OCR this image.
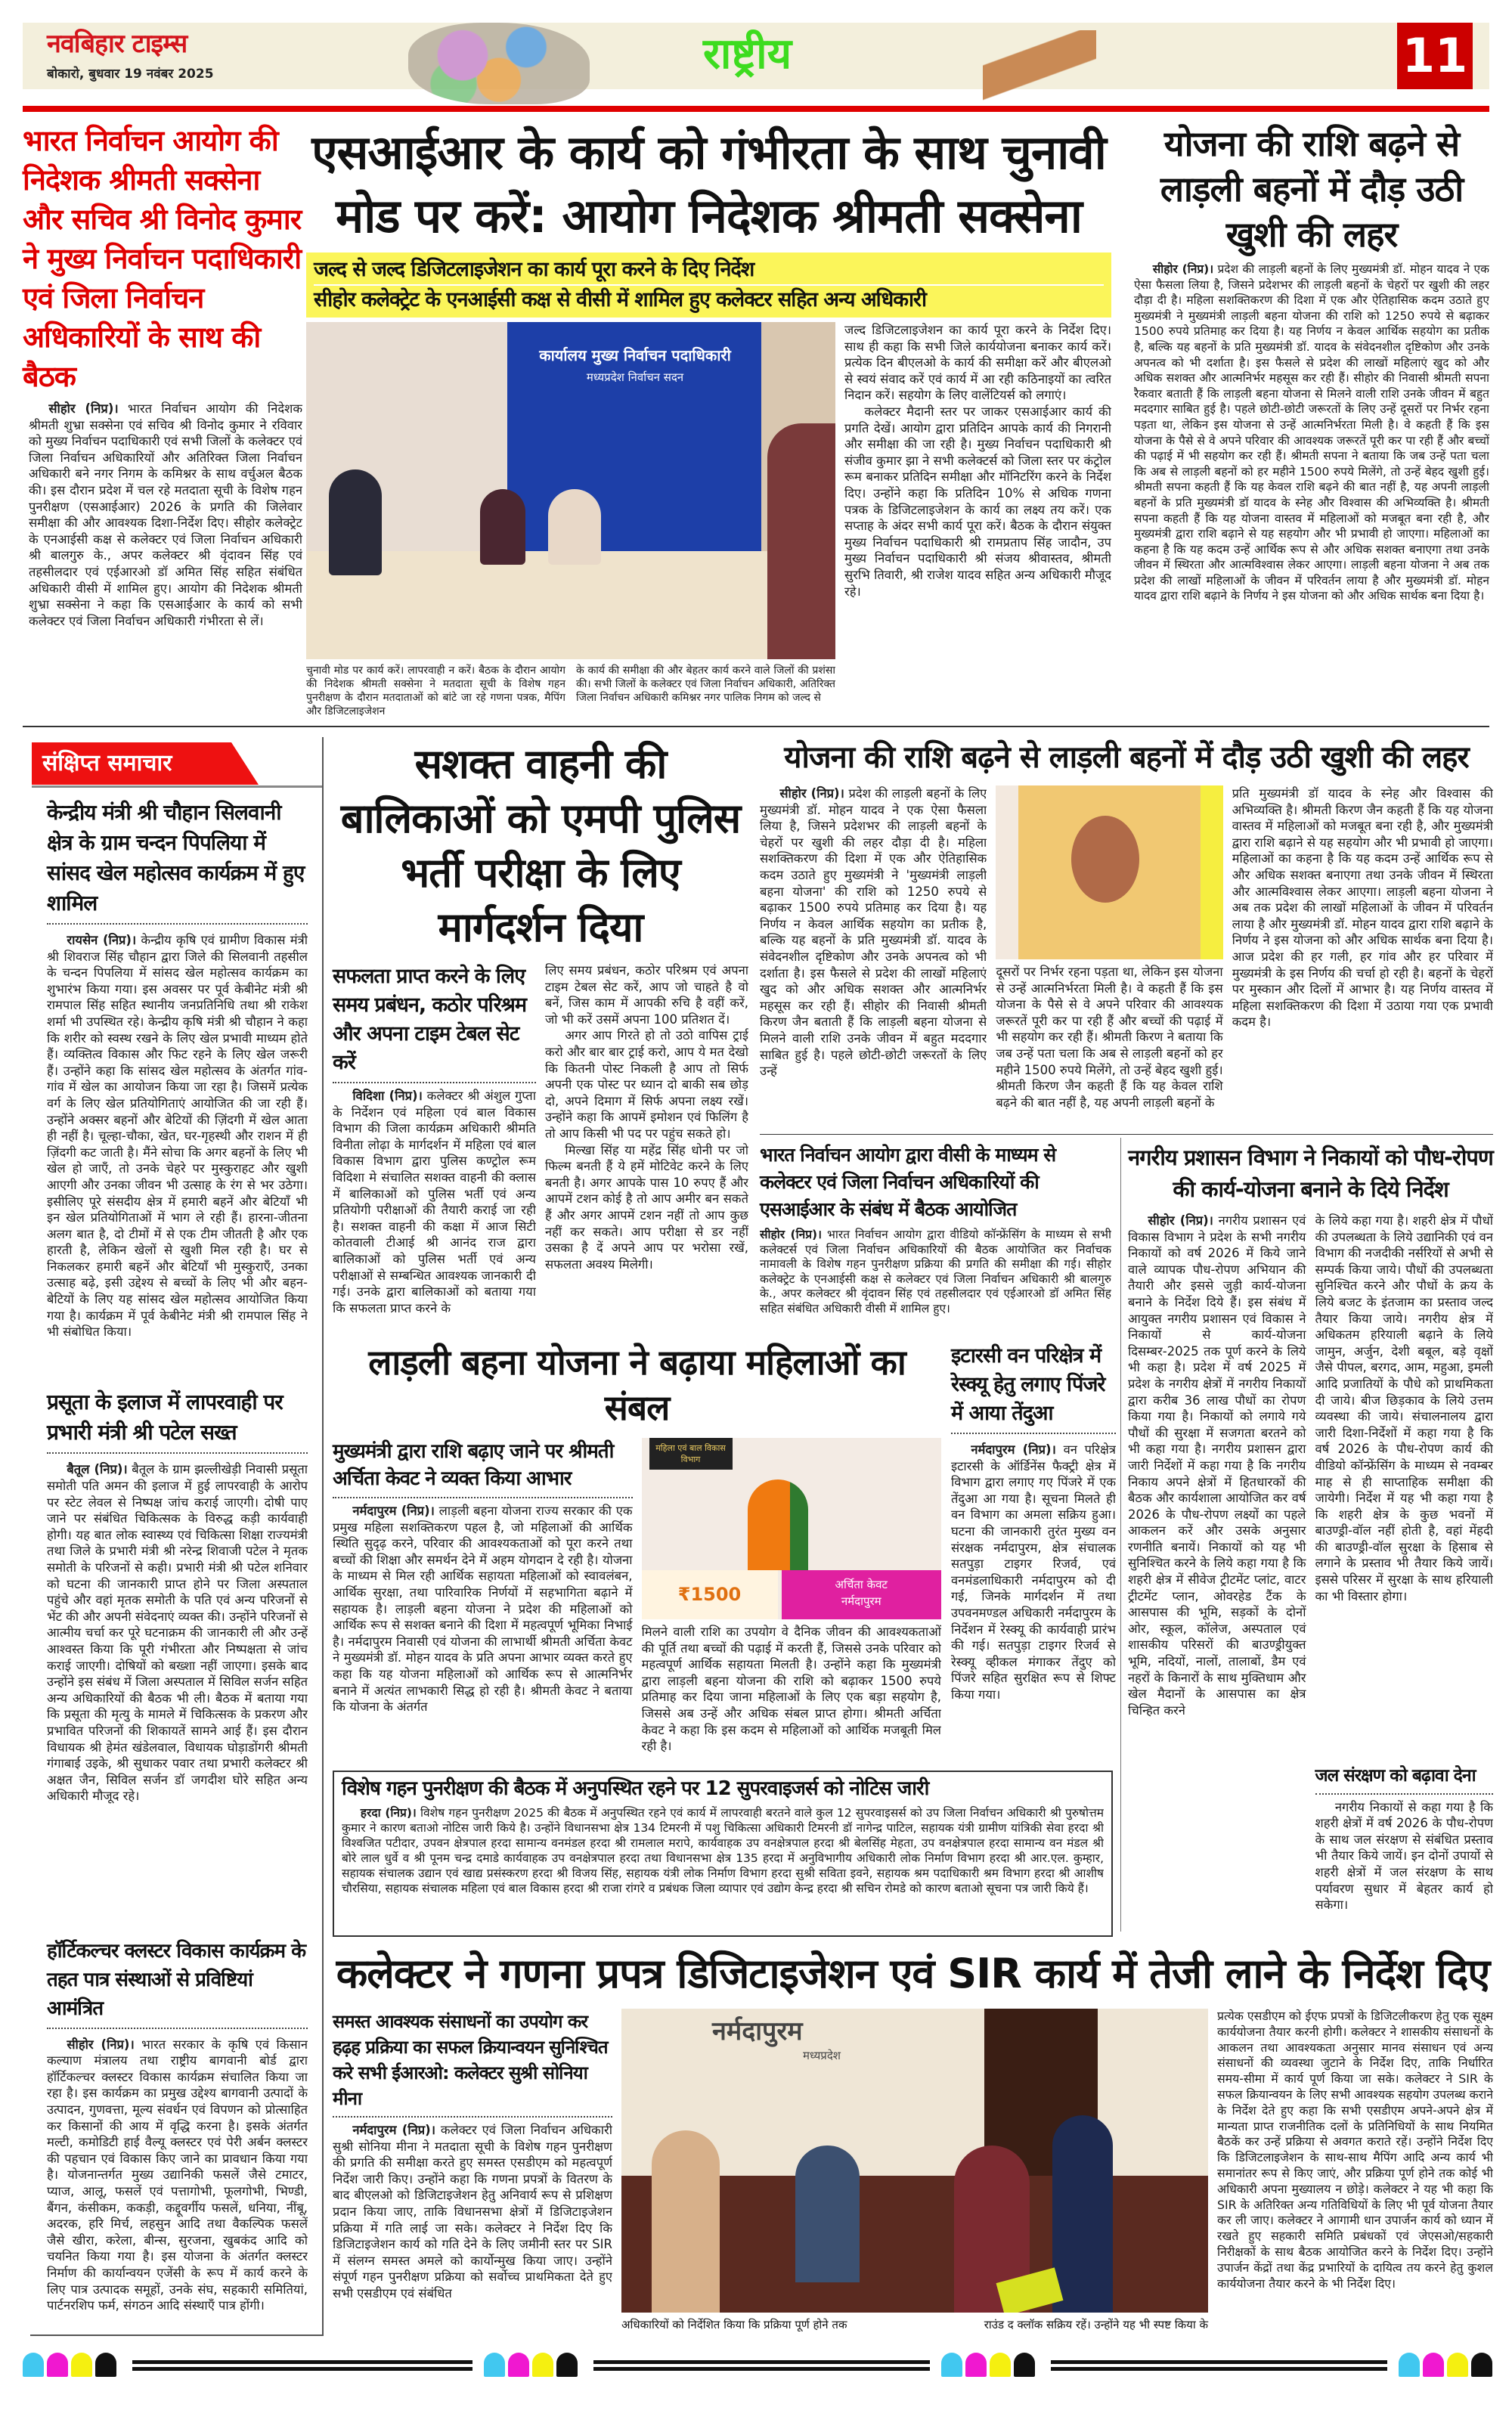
नवबिहार टाइम्स
बोकारो, बुधवार 19 नवंबर 2025	राष्ट्रीय	11
भारत निर्वाचन आयोग की निदेशक श्रीमती सक्सेना और सचिव श्री विनोद कुमार ने मुख्य निर्वाचन पदाधिकारी एवं जिला निर्वाचन अधिकारियों के साथ की बैठक

सीहोर (निप्र)। भारत निर्वाचन आयोग की निदेशक श्रीमती शुभ्रा सक्सेना एवं सचिव श्री विनोद कुमार ने रविवार को मुख्य निर्वाचन पदाधिकारी एवं सभी जिलों के कलेक्टर एवं जिला निर्वाचन अधिकारियों और अतिरिक्त जिला निर्वाचन अधिकारी बने नगर निगम के कमिश्नर के साथ वर्चुअल बैठक की। इस दौरान प्रदेश में चल रहे मतदाता सूची के विशेष गहन पुनरीक्षण (एसआईआर) 2026 के प्रगति की जिलेवार समीक्षा की और आवश्यक दिशा-निर्देश दिए। सीहोर कलेक्ट्रेट के एनआईसी कक्ष से कलेक्टर एवं जिला निर्वाचन अधिकारी श्री बालगुरु के., अपर कलेक्टर श्री वृंदावन सिंह एवं तहसीलदार एवं एईआरओ डॉ अमित सिंह सहित संबंधित अधिकारी वीसी में शामिल हुए। आयोग की निदेशक श्रीमती शुभ्रा सक्सेना ने कहा कि एसआईआर के कार्य को सभी कलेक्टर एवं जिला निर्वाचन अधिकारी गंभीरता से लें।

एसआईआर के कार्य को गंभीरता के साथ चुनावी मोड पर करें: आयोग निदेशक श्रीमती सक्सेना
जल्द से जल्द डिजिटलाइजेशन का कार्य पूरा करने के दिए निर्देश
सीहोर कलेक्ट्रेट के एनआईसी कक्ष से वीसी में शामिल हुए कलेक्टर सहित अन्य अधिकारी
कार्यालय मुख्य निर्वाचन पदाधिकारी
मध्यप्रदेश निर्वाचन सदन
चुनावी मोड पर कार्य करें। लापरवाही न करें। बैठक के दौरान आयोग की निदेशक श्रीमती सक्सेना ने मतदाता सूची के विशेष गहन पुनरीक्षण के दौरान मतदाताओं को बांटे जा रहे गणना पत्रक, मैपिंग और डिजिटलाइजेशन
के कार्य की समीक्षा की और बेहतर कार्य करने वाले जिलों की प्रशंसा की। सभी जिलों के कलेक्टर एवं जिला निर्वाचन अधिकारी, अतिरिक्त जिला निर्वाचन अधिकारी कमिश्नर नगर पालिक निगम को जल्द से

जल्द डिजिटलाइजेशन का कार्य पूरा करने के निर्देश दिए। साथ ही कहा कि सभी जिले कार्ययोजना बनाकर कार्य करें। प्रत्येक दिन बीएलओ के कार्य की समीक्षा करें और बीएलओ से स्वयं संवाद करें एवं कार्य में आ रही कठिनाइयों का त्वरित निदान करें। सहयोग के लिए वालेंटियर्स को लगाएं।

कलेक्टर मैदानी स्तर पर जाकर एसआईआर कार्य की प्रगति देखें। आयोग द्वारा प्रतिदिन आपके कार्य की निगरानी और समीक्षा की जा रही है। मुख्य निर्वाचन पदाधिकारी श्री संजीव कुमार झा ने सभी कलेक्टर्स को जिला स्तर पर कंट्रोल रूम बनाकर प्रतिदिन समीक्षा और मॉनिटरिंग करने के निर्देश दिए। उन्होंने कहा कि प्रतिदिन 10% से अधिक गणना पत्रक के डिजिटलाइजेशन के कार्य का लक्ष्य तय करें। एक सप्ताह के अंदर सभी कार्य पूरा करें। बैठक के दौरान संयुक्त मुख्य निर्वाचन पदाधिकारी श्री रामप्रताप सिंह जादौन, उप मुख्य निर्वाचन पदाधिकारी श्री संजय श्रीवास्तव, श्रीमती सुरभि तिवारी, श्री राजेश यादव सहित अन्य अधिकारी मौजूद रहे।

योजना की राशि बढ़ने से लाड़ली बहनों में दौड़ उठी खुशी की लहर

सीहोर (निप्र)। प्रदेश की लाड़ली बहनों के लिए मुख्यमंत्री डॉ. मोहन यादव ने एक ऐसा फैसला लिया है, जिसने प्रदेशभर की लाड़ली बहनों के चेहरों पर खुशी की लहर दौड़ा दी है। महिला सशक्तिकरण की दिशा में एक और ऐतिहासिक कदम उठाते हुए मुख्यमंत्री ने मुख्यमंत्री लाड़ली बहना योजना की राशि को 1250 रुपये से बढ़ाकर 1500 रुपये प्रतिमाह कर दिया है। यह निर्णय न केवल आर्थिक सहयोग का प्रतीक है, बल्कि यह बहनों के प्रति मुख्यमंत्री डॉ. यादव के संवेदनशील दृष्टिकोण और उनके अपनत्व को भी दर्शाता है। इस फैसले से प्रदेश की लाखों महिलाएं खुद को और अधिक सशक्त और आत्मनिर्भर महसूस कर रही हैं। सीहोर की निवासी श्रीमती सपना रैकवार बताती हैं कि लाड़ली बहना योजना से मिलने वाली राशि उनके जीवन में बहुत मददगार साबित हुई है। पहले छोटी-छोटी जरूरतों के लिए उन्हें दूसरों पर निर्भर रहना पड़ता था, लेकिन इस योजना से उन्हें आत्मनिर्भरता मिली है। वे कहती हैं कि इस योजना के पैसे से वे अपने परिवार की आवश्यक जरूरतें पूरी कर पा रही हैं और बच्चों की पढ़ाई में भी सहयोग कर रही हैं। श्रीमती सपना ने बताया कि जब उन्हें पता चला कि अब से लाड़ली बहनों को हर महीने 1500 रुपये मिलेंगे, तो उन्हें बेहद खुशी हुई। श्रीमती सपना कहती हैं कि यह केवल राशि बढ़ने की बात नहीं है, यह अपनी लाड़ली बहनों के प्रति मुख्यमंत्री डॉ यादव के स्नेह और विश्वास की अभिव्यक्ति है। श्रीमती सपना कहती हैं कि यह योजना वास्तव में महिलाओं को मजबूत बना रही है, और मुख्यमंत्री द्वारा राशि बढ़ाने से यह सहयोग और भी प्रभावी हो जाएगा। महिलाओं का कहना है कि यह कदम उन्हें आर्थिक रूप से और अधिक सशक्त बनाएगा तथा उनके जीवन में स्थिरता और आत्मविश्वास लेकर आएगा। लाड़ली बहना योजना ने अब तक प्रदेश की लाखों महिलाओं के जीवन में परिवर्तन लाया है और मुख्यमंत्री डॉ. मोहन यादव द्वारा राशि बढ़ाने के निर्णय ने इस योजना को और अधिक सार्थक बना दिया है।

संक्षिप्त समाचार
केन्द्रीय मंत्री श्री चौहान सिलवानी क्षेत्र के ग्राम चन्दन पिपलिया में सांसद खेल महोत्सव कार्यक्रम में हुए शामिल

रायसेन (निप्र)। केन्द्रीय कृषि एवं ग्रामीण विकास मंत्री श्री शिवराज सिंह चौहान द्वारा जिले की सिलवानी तहसील के चन्दन पिपलिया में सांसद खेल महोत्सव कार्यक्रम का शुभारंभ किया गया। इस अवसर पर पूर्व केबीनेट मंत्री श्री रामपाल सिंह सहित स्थानीय जनप्रतिनिधि तथा श्री राकेश शर्मा भी उपस्थित रहे। केन्द्रीय कृषि मंत्री श्री चौहान ने कहा कि शरीर को स्वस्थ रखने के लिए खेल प्रभावी माध्यम होते हैं। व्यक्तित्व विकास और फिट रहने के लिए खेल जरूरी हैं। उन्होंने कहा कि सांसद खेल महोत्सव के अंतर्गत गांव-गांव में खेल का आयोजन किया जा रहा है। जिसमें प्रत्येक वर्ग के लिए खेल प्रतियोगिताएं आयोजित की जा रही हैं। उन्होंने अक्सर बहनों और बेटियों की ज़िंदगी में खेल आता ही नहीं है। चूल्हा-चौका, खेत, घर-गृहस्थी और राशन में ही ज़िंदगी कट जाती है। मैंने सोचा कि अगर बहनों के लिए भी खेल हो जाएँ, तो उनके चेहरे पर मुस्कुराहट और खुशी आएगी और उनका जीवन भी उत्साह के रंग से भर उठेगा। इसीलिए पूरे संसदीय क्षेत्र में हमारी बहनें और बेटियाँ भी इन खेल प्रतियोगिताओं में भाग ले रही हैं। हारना-जीतना अलग बात है, दो टीमों में से एक टीम जीतती है और एक हारती है, लेकिन खेलों से खुशी मिल रही है। घर से निकलकर हमारी बहनें और बेटियाँ भी मुस्कुराएँ, उनका उत्साह बढ़े, इसी उद्देश्य से बच्चों के लिए भी और बहन-बेटियों के लिए यह सांसद खेल महोत्सव आयोजित किया गया है। कार्यक्रम में पूर्व केबीनेट मंत्री श्री रामपाल सिंह ने भी संबोधित किया।

प्रसूता के इलाज में लापरवाही पर प्रभारी मंत्री श्री पटेल सख्त

बैतूल (निप्र)। बैतूल के ग्राम झल्लीखेड़ी निवासी प्रसूता समोती पति अमन की इलाज में हुई लापरवाही के आरोप पर स्टेट लेवल से निष्पक्ष जांच कराई जाएगी। दोषी पाए जाने पर संबंधित चिकित्सक के विरुद्ध कड़ी कार्यवाही होगी। यह बात लोक स्वास्थ्य एवं चिकित्सा शिक्षा राज्यमंत्री तथा जिले के प्रभारी मंत्री श्री नरेन्द्र शिवाजी पटेल ने मृतक समोती के परिजनों से कही। प्रभारी मंत्री श्री पटेल शनिवार को घटना की जानकारी प्राप्त होने पर जिला अस्पताल पहुंचे और वहां मृतक समोती के पति एवं अन्य परिजनों से भेंट की और अपनी संवेदनाएं व्यक्त की। उन्होंने परिजनों से आत्मीय चर्चा कर पूरे घटनाक्रम की जानकारी ली और उन्हें आश्वस्त किया कि पूरी गंभीरता और निष्पक्षता से जांच कराई जाएगी। दोषियों को बख्शा नहीं जाएगा। इसके बाद उन्होंने इस संबंध में जिला अस्पताल में सिविल सर्जन सहित अन्य अधिकारियों की बैठक भी ली। बैठक में बताया गया कि प्रसूता की मृत्यु के मामले में चिकित्सक के प्रकरण और प्रभावित परिजनों की शिकायतें सामने आई हैं। इस दौरान विधायक श्री हेमंत खंडेलवाल, विधायक घोड़ाडोंगरी श्रीमती गंगाबाई उइके, श्री सुधाकर पवार तथा प्रभारी कलेक्टर श्री अक्षत जैन, सिविल सर्जन डॉ जगदीश घोरे सहित अन्य अधिकारी मौजूद रहे।

हॉर्टिकल्चर क्लस्टर विकास कार्यक्रम के तहत पात्र संस्थाओं से प्रविष्टियां आमंत्रित

सीहोर (निप्र)। भारत सरकार के कृषि एवं किसान कल्याण मंत्रालय तथा राष्ट्रीय बागवानी बोर्ड द्वारा हॉर्टिकल्चर क्लस्टर विकास कार्यक्रम संचालित किया जा रहा है। इस कार्यक्रम का प्रमुख उद्देश्य बागवानी उत्पादों के उत्पादन, गुणवत्ता, मूल्य संवर्धन एवं विपणन को प्रोत्साहित कर किसानों की आय में वृद्धि करना है। इसके अंतर्गत मल्टी, कमोडिटी हाई वैल्यू क्लस्टर एवं पेरी अर्बन क्लस्टर की पहचान एवं विकास किए जाने का प्रावधान किया गया है। योजनान्तर्गत मुख्य उद्यानिकी फसलें जैसे टमाटर, प्याज, आलू, फसलें एवं पत्तागोभी, फूलगोभी, भिण्डी, बैंगन, कंसीकम, ककड़ी, कद्दूवर्गीय फसलें, धनिया, नींबू, अदरक, हरि मिर्च, लहसुन आदि तथा वैकल्पिक फसलें जैसे खीरा, करेला, बीन्स, सुरजना, खुबकंद आदि को चयनित किया गया है। इस योजना के अंतर्गत क्लस्टर निर्माण की कार्यान्वयन एजेंसी के रूप में कार्य करने के लिए पात्र उत्पादक समूहों, उनके संघ, सहकारी समितियां, पार्टनरशिप फर्म, संगठन आदि संस्थाएँ पात्र होंगी।

सशक्त वाहनी की बालिकाओं को एमपी पुलिस भर्ती परीक्षा के लिए मार्गदर्शन दिया
सफलता प्राप्त करने के लिए समय प्रबंधन, कठोर परिश्रम और अपना टाइम टेबल सेट करें

विदिशा (निप्र)। कलेक्टर श्री अंशुल गुप्ता के निर्देशन एवं महिला एवं बाल विकास विभाग की जिला कार्यक्रम अधिकारी श्रीमति विनीता लोढ़ा के मार्गदर्शन में महिला एवं बाल विकास विभाग द्वारा पुलिस कण्ट्रोल रूम विदिशा मे संचालित सशक्त वाहनी की क्लास में बालिकाओं को पुलिस भर्ती एवं अन्य प्रतियोगी परीक्षाओं की तैयारी कराई जा रही है। सशक्त वाहनी की कक्षा में आज सिटी कोतवाली टीआई श्री आनंद राज द्वारा बालिकाओं को पुलिस भर्ती एवं अन्य परीक्षाओं से सम्बन्धित आवश्यक जानकारी दी गई। उनके द्वारा बालिकाओं को बताया गया कि सफलता प्राप्त करने के

लिए समय प्रबंधन, कठोर परिश्रम एवं अपना टाइम टेबल सेट करें, आप जो चाहते है वो बनें, जिस काम में आपकी रुचि है वहीं करें, जो भी करें उसमें अपना 100 प्रतिशत दें।

अगर आप गिरते हो तो उठो वापिस ट्राई करो और बार बार ट्राई करो, आप ये मत देखो कि कितनी पोस्ट निकली है आप तो सिर्फ अपनी एक पोस्ट पर ध्यान दो बाकी सब छोड़ दो, अपने दिमाग में सिर्फ अपना लक्ष्य रखें। उन्होंने कहा कि आपमें इमोशन एवं फिलिंग है तो आप किसी भी पद पर पहुंच सकते हो।

मिल्खा सिंह या महेंद्र सिंह धोनी पर जो फिल्म बनती हैं ये हमें मोटिवेट करने के लिए बनती है। अगर आपके पास 10 रुपए हैं और आपमें टशन कोई है तो आप अमीर बन सकते हैं और अगर आपमें टशन नहीं तो आप कुछ नहीं कर सकते। आप परीक्षा से डर नहीं उसका है दें अपने आप पर भरोसा रखें, सफलता अवश्य मिलेगी।

योजना की राशि बढ़ने से लाड़ली बहनों में दौड़ उठी खुशी की लहर

सीहोर (निप्र)। प्रदेश की लाड़ली बहनों के लिए मुख्यमंत्री डॉ. मोहन यादव ने एक ऐसा फैसला लिया है, जिसने प्रदेशभर की लाड़ली बहनों के चेहरों पर खुशी की लहर दौड़ा दी है। महिला सशक्तिकरण की दिशा में एक और ऐतिहासिक कदम उठाते हुए मुख्यमंत्री ने 'मुख्यमंत्री लाड़ली बहना योजना' की राशि को 1250 रुपये से बढ़ाकर 1500 रुपये प्रतिमाह कर दिया है। यह निर्णय न केवल आर्थिक सहयोग का प्रतीक है, बल्कि यह बहनों के प्रति मुख्यमंत्री डॉ. यादव के संवेदनशील दृष्टिकोण और उनके अपनत्व को भी दर्शाता है। इस फैसले से प्रदेश की लाखों महिलाएं खुद को और अधिक सशक्त और आत्मनिर्भर महसूस कर रही हैं। सीहोर की निवासी श्रीमती किरण जैन बताती हैं कि लाड़ली बहना योजना से मिलने वाली राशि उनके जीवन में बहुत मददगार साबित हुई है। पहले छोटी-छोटी जरूरतों के लिए उन्हें

दूसरों पर निर्भर रहना पड़ता था, लेकिन इस योजना से उन्हें आत्मनिर्भरता मिली है। वे कहती हैं कि इस योजना के पैसे से वे अपने परिवार की आवश्यक जरूरतें पूरी कर पा रही हैं और बच्चों की पढ़ाई में भी सहयोग कर रही हैं। श्रीमती किरण ने बताया कि जब उन्हें पता चला कि अब से लाड़ली बहनों को हर महीने 1500 रुपये मिलेंगे, तो उन्हें बेहद खुशी हुई। श्रीमती किरण जैन कहती हैं कि यह केवल राशि बढ़ने की बात नहीं है, यह अपनी लाड़ली बहनों के
प्रति मुख्यमंत्री डॉ यादव के स्नेह और विश्वास की अभिव्यक्ति है। श्रीमती किरण जैन कहती हैं कि यह योजना वास्तव में महिलाओं को मजबूत बना रही है, और मुख्यमंत्री द्वारा राशि बढ़ाने से यह सहयोग और भी प्रभावी हो जाएगा। महिलाओं का कहना है कि यह कदम उन्हें आर्थिक रूप से और अधिक सशक्त बनाएगा तथा उनके जीवन में स्थिरता और आत्मविश्वास लेकर आएगा। लाड़ली बहना योजना ने अब तक प्रदेश की लाखों महिलाओं के जीवन में परिवर्तन लाया है और मुख्यमंत्री डॉ. मोहन यादव द्वारा राशि बढ़ाने के निर्णय ने इस योजना को और अधिक सार्थक बना दिया है। आज प्रदेश की हर गली, हर गांव और हर परिवार में मुख्यमंत्री के इस निर्णय की चर्चा हो रही है। बहनों के चेहरों पर मुस्कान और दिलों में आभार है। यह निर्णय वास्तव में महिला सशक्तिकरण की दिशा में उठाया गया एक प्रभावी कदम है।
भारत निर्वाचन आयोग द्वारा वीसी के माध्यम से कलेक्टर एवं जिला निर्वाचन अधिकारियों की एसआईआर के संबंध में बैठक आयोजित

सीहोर (निप्र)। भारत निर्वाचन आयोग द्वारा वीडियो कॉन्फ्रेंसिंग के माध्यम से सभी कलेक्टर्स एवं जिला निर्वाचन अधिकारियों की बैठक आयोजित कर निर्वाचक नामावली के विशेष गहन पुनरीक्षण प्रक्रिया की प्रगति की समीक्षा की गई। सीहोर कलेक्ट्रेट के एनआईसी कक्ष से कलेक्टर एवं जिला निर्वाचन अधिकारी श्री बालगुरु के., अपर कलेक्टर श्री वृंदावन सिंह एवं तहसीलदार एवं एईआरओ डॉ अमित सिंह सहित संबंधित अधिकारी वीसी में शामिल हुए।

नगरीय प्रशासन विभाग ने निकायों को पौध-रोपण की कार्य-योजना बनाने के दिये निर्देश

सीहोर (निप्र)। नगरीय प्रशासन एवं विकास विभाग ने प्रदेश के सभी नगरीय निकायों को वर्ष 2026 में किये जाने वाले व्यापक पौध-रोपण अभियान की तैयारी और इससे जुड़ी कार्य-योजना बनाने के निर्देश दिये हैं। इस संबंध में आयुक्त नगरीय प्रशासन एवं विकास ने निकायों से कार्य-योजना दिसम्बर-2025 तक पूर्ण करने के लिये भी कहा है। प्रदेश में वर्ष 2025 में प्रदेश के नगरीय क्षेत्रों में नगरीय निकायों द्वारा करीब 36 लाख पौधों का रोपण किया गया है। निकायों को लगाये गये पौधों की सुरक्षा में सजगता बरतने को भी कहा गया है। नगरीय प्रशासन द्वारा जारी निर्देशों में कहा गया है कि नगरीय निकाय अपने क्षेत्रों में हितधारकों की बैठक और कार्यशाला आयोजित कर वर्ष 2026 के पौध-रोपण लक्ष्यों का पहले आकलन करें और उसके अनुसार रणनीति बनायें। निकायों को यह भी सुनिश्चित करने के लिये कहा गया है कि शहरी क्षेत्र में सीवेज ट्रीटमेंट प्लांट, वाटर ट्रीटमेंट प्लान, ओवरहेड टैंक के आसपास की भूमि, सड़कों के दोनों ओर, स्कूल, कॉलेज, अस्पताल एवं शासकीय परिसरों की बाउण्ड्रीयुक्त भूमि, नदियों, नालों, तालाबों, डैम एवं नहरों के किनारों के साथ मुक्तिधाम और खेल मैदानों के आसपास का क्षेत्र चिन्हित करने

के लिये कहा गया है। शहरी क्षेत्र में पौधों की उपलब्धता के लिये उद्यानिकी एवं वन विभाग की नजदीकी नर्सरियों से अभी से सम्पर्क किया जाये। पौधों की उपलब्धता सुनिश्चित करने और पौधों के क्रय के लिये बजट के इंतजाम का प्रस्ताव जल्द तैयार किया जाये। नगरीय क्षेत्र में अधिकतम हरियाली बढ़ाने के लिये जामुन, अर्जुन, देशी बबूल, बड़े वृक्षों जैसे पीपल, बरगद, आम, महुआ, इमली आदि प्रजातियों के पौधे को प्राथमिकता दी जाये। बीज छिड़काव के लिये उत्तम व्यवस्था की जाये। संचालनालय द्वारा जारी दिशा-निर्देशों में कहा गया है कि वर्ष 2026 के पौध-रोपण कार्य की वीडियो कॉन्फ्रेंसिंग के माध्यम से नवम्बर माह से ही साप्ताहिक समीक्षा की जायेगी। निर्देश में यह भी कहा गया है कि शहरी क्षेत्र के कुछ भवनों में बाउण्ड्री-वॉल नहीं होती है, वहां मेंहदी की बाउण्ड्री-वॉल सुरक्षा के हिसाब से लगाने के प्रस्ताव भी तैयार किये जायें। इससे परिसर में सुरक्षा के साथ हरियाली का भी विस्तार होगा।
जल संरक्षण को बढ़ावा देना

नगरीय निकायों से कहा गया है कि शहरी क्षेत्रों में वर्ष 2026 के पौध-रोपण के साथ जल संरक्षण से संबंधित प्रस्ताव भी तैयार किये जायें। इन दोनों उपायों से शहरी क्षेत्रों में जल संरक्षण के साथ पर्यावरण सुधार में बेहतर कार्य हो सकेगा।

लाड़ली बहना योजना ने बढ़ाया महिलाओं का संबल
मुख्यमंत्री द्वारा राशि बढ़ाए जाने पर श्रीमती अर्चिता केवट ने व्यक्त किया आभार

नर्मदापुरम (निप्र)। लाड़ली बहना योजना राज्य सरकार की एक प्रमुख महिला सशक्तिकरण पहल है, जो महिलाओं की आर्थिक स्थिति सुदृढ़ करने, परिवार की आवश्यकताओं को पूरा करने तथा बच्चों की शिक्षा और समर्थन देने में अहम योगदान दे रही है। योजना के माध्यम से मिल रही आर्थिक सहायता महिलाओं को स्वावलंबन, आर्थिक सुरक्षा, तथा पारिवारिक निर्णयों में सहभागिता बढ़ाने में सहायक है। लाड़ली बहना योजना ने प्रदेश की महिलाओं को आर्थिक रूप से सशक्त बनाने की दिशा में महत्वपूर्ण भूमिका निभाई है। नर्मदापुरम निवासी एवं योजना की लाभार्थी श्रीमती अर्चिता केवट ने मुख्यमंत्री डॉ. मोहन यादव के प्रति अपना आभार व्यक्त करते हुए कहा कि यह योजना महिलाओं को आर्थिक रूप से आत्मनिर्भर बनाने में अत्यंत लाभकारी सिद्ध हो रही है। श्रीमती केवट ने बताया कि योजना के अंतर्गत

महिला एवं बाल विकास विभाग
₹1500	अर्चिता केवट
नर्मदापुरम
मिलने वाली राशि का उपयोग वे दैनिक जीवन की आवश्यकताओं की पूर्ति तथा बच्चों की पढ़ाई में करती हैं, जिससे उनके परिवार को महत्वपूर्ण आर्थिक सहायता मिलती है। उन्होंने कहा कि मुख्यमंत्री द्वारा लाड़ली बहना योजना की राशि को बढ़ाकर 1500 रुपये प्रतिमाह कर दिया जाना महिलाओं के लिए एक बड़ा सहयोग है, जिससे अब उन्हें और अधिक संबल प्राप्त होगा। श्रीमती अर्चिता केवट ने कहा कि इस कदम से महिलाओं को आर्थिक मजबूती मिल रही है।
इटारसी वन परिक्षेत्र में रेस्क्यू हेतु लगाए पिंजरे में आया तेंदुआ

नर्मदापुरम (निप्र)। वन परिक्षेत्र इटारसी के ऑर्डिनेंस फैक्ट्री क्षेत्र में विभाग द्वारा लगाए गए पिंजरे में एक तेंदुआ आ गया है। सूचना मिलते ही वन विभाग का अमला सक्रिय हुआ। घटना की जानकारी तुरंत मुख्य वन संरक्षक नर्मदापुरम, क्षेत्र संचालक सतपुड़ा टाइगर रिजर्व, एवं वनमंडलाधिकारी नर्मदापुरम को दी गई, जिनके मार्गदर्शन में तथा उपवनमण्डल अधिकारी नर्मदापुरम के निर्देशन में रेस्क्यू की कार्यवाही प्रारंभ की गई। सतपुड़ा टाइगर रिजर्व से रेस्क्यू व्हीकल मंगाकर तेंदुए को पिंजरे सहित सुरक्षित रूप से शिफ्ट किया गया।

विशेष गहन पुनरीक्षण की बैठक में अनुपस्थित रहने पर 12 सुपरवाइजर्स को नोटिस जारी

हरदा (निप्र)। विशेष गहन पुनरीक्षण 2025 की बैठक में अनुपस्थित रहने एवं कार्य में लापरवाही बरतने वाले कुल 12 सुपरवाइसर्स को उप जिला निर्वाचन अधिकारी श्री पुरुषोत्तम कुमार ने कारण बताओ नोटिस जारी किये है। उन्होंने विधानसभा क्षेत्र 134 टिमरनी में पशु चिकित्सा अधिकारी टिमरनी डॉ नागेन्द्र पाटिल, सहायक यंत्री ग्रामीण यांत्रिकी सेवा हरदा श्री विश्वजित पटीदार, उपवन क्षेत्रपाल हरदा सामान्य वनमंडल हरदा श्री रामलाल मरापे, कार्यवाहक उप वनक्षेत्रपाल हरदा श्री बेलसिंह मेहता, उप वनक्षेत्रपाल हरदा सामान्य वन मंडल श्री बोरे लाल धुर्वे व श्री पूनम चन्द्र दमाडे कार्यवाहक उप वनक्षेत्रपाल हरदा तथा विधानसभा क्षेत्र 135 हरदा में अनुविभागीय अधिकारी लोक निर्माण विभाग हरदा श्री आर.एल. कुम्हार, सहायक संचालक उद्यान एवं खाद्य प्रसंस्करण हरदा श्री विजय सिंह, सहायक यंत्री लोक निर्माण विभाग हरदा सुश्री सविता इवने, सहायक श्रम पदाधिकारी श्रम विभाग हरदा श्री आशीष चौरसिया, सहायक संचालक महिला एवं बाल विकास हरदा श्री राजा रांगरे व प्रबंधक जिला व्यापार एवं उद्योग केन्द्र हरदा श्री सचिन रोमडे को कारण बताओ सूचना पत्र जारी किये हैं।

कलेक्टर ने गणना प्रपत्र डिजिटाइजेशन एवं SIR कार्य में तेजी लाने के निर्देश दिए
समस्त आवश्यक संसाधनों का उपयोग कर हढ़ह प्रक्रिया का सफल क्रियान्वयन सुनिश्चित करे सभी ईआरओ: कलेक्टर सुश्री सोनिया मीना

नर्मदापुरम (निप्र)। कलेक्टर एवं जिला निर्वाचन अधिकारी सुश्री सोनिया मीना ने मतदाता सूची के विशेष गहन पुनरीक्षण की प्रगति की समीक्षा करते हुए समस्त एसडीएम को महत्वपूर्ण निर्देश जारी किए। उन्होंने कहा कि गणना प्रपत्रों के वितरण के बाद बीएलओ को डिजिटाइजेशन हेतु अनिवार्य रूप से प्रशिक्षण प्रदान किया जाए, ताकि विधानसभा क्षेत्रों में डिजिटाइजेशन प्रक्रिया में गति लाई जा सके। कलेक्टर ने निर्देश दिए कि डिजिटाइजेशन कार्य को गति देने के लिए जमीनी स्तर पर SIR में संलग्न समस्त अमले को कार्योन्मुख किया जाए। उन्होंने संपूर्ण गहन पुनरीक्षण प्रक्रिया को सर्वोच्च प्राथमिकता देते हुए सभी एसडीएम एवं संबंधित

नर्मदापुरम
मध्यप्रदेश
अधिकारियों को निर्देशित किया कि प्रक्रिया पूर्ण होने तक	राउंड द क्लॉक सक्रिय रहें। उन्होंने यह भी स्पष्ट किया के
प्रत्येक एसडीएम को ईएफ प्रपत्रों के डिजिटलीकरण हेतु एक सूक्ष्म कार्ययोजना तैयार करनी होगी। कलेक्टर ने शासकीय संसाधनों के आकलन तथा आवश्यकता अनुसार मानव संसाधन एवं अन्य संसाधनों की व्यवस्था जुटाने के निर्देश दिए, ताकि निर्धारित समय-सीमा में कार्य पूर्ण किया जा सके। कलेक्टर ने SIR के सफल क्रियान्वयन के लिए सभी आवश्यक सहयोग उपलब्ध कराने के निर्देश देते हुए कहा कि सभी एसडीएम अपने-अपने क्षेत्र में मान्यता प्राप्त राजनीतिक दलों के प्रतिनिधियों के साथ नियमित बैठकें कर उन्हें प्रक्रिया से अवगत कराते रहें। उन्होंने निर्देश दिए कि डिजिटलाइजेशन के साथ-साथ मैपिंग आदि अन्य कार्य भी समानांतर रूप से किए जाएं, और प्रक्रिया पूर्ण होने तक कोई भी अधिकारी अपना मुख्यालय न छोड़े। कलेक्टर ने यह भी कहा कि SIR के अतिरिक्त अन्य गतिविधियों के लिए भी पूर्व योजना तैयार कर ली जाए। कलेक्टर ने आगामी धान उपार्जन कार्य को ध्यान में रखते हुए सहकारी समिति प्रबंधकों एवं जेएसओ/सहकारी निरीक्षकों के साथ बैठक आयोजित करने के निर्देश दिए। उन्होंने उपार्जन केंद्रों तथा केंद्र प्रभारियों के दायित्व तय करने हेतु कुशल कार्ययोजना तैयार करने के भी निर्देश दिए।
